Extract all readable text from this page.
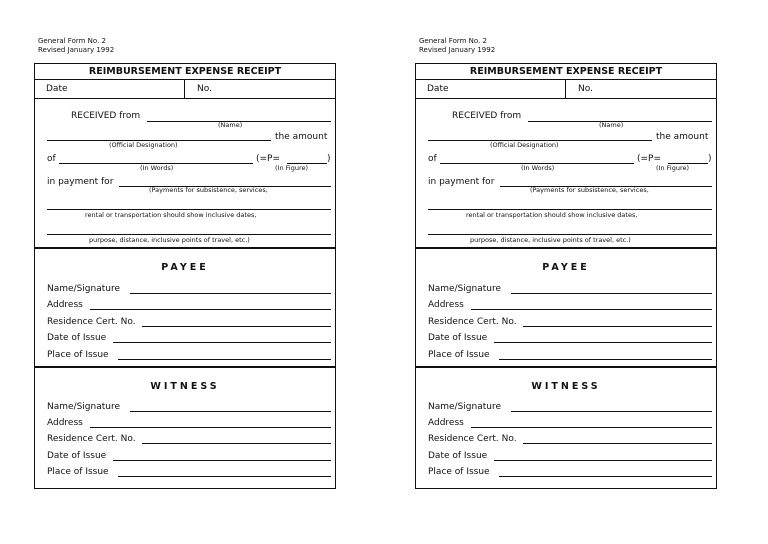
General Form No. 2
Revised January 1992
REIMBURSEMENT EXPENSE RECEIPT
Date	No.
RECEIVED from
(Name)
the amount
(Official Designation)
of	(=P=	)
(In Words)	(In Figure)
in payment for
(Payments for subsistence, services,
rental or transportation should show inclusive dates,
purpose, distance, inclusive points of travel, etc.)
PAYEE
Name/Signature
Address
Residence Cert. No.
Date of Issue
Place of Issue
WITNESS
Name/Signature
Address
Residence Cert. No.
Date of Issue
Place of Issue
General Form No. 2
Revised January 1992
REIMBURSEMENT EXPENSE RECEIPT
Date	No.
RECEIVED from
(Name)
the amount
(Official Designation)
of	(=P=	)
(In Words)	(In Figure)
in payment for
(Payments for subsistence, services,
rental or transportation should show inclusive dates,
purpose, distance, inclusive points of travel, etc.)
PAYEE
Name/Signature
Address
Residence Cert. No.
Date of Issue
Place of Issue
WITNESS
Name/Signature
Address
Residence Cert. No.
Date of Issue
Place of Issue
